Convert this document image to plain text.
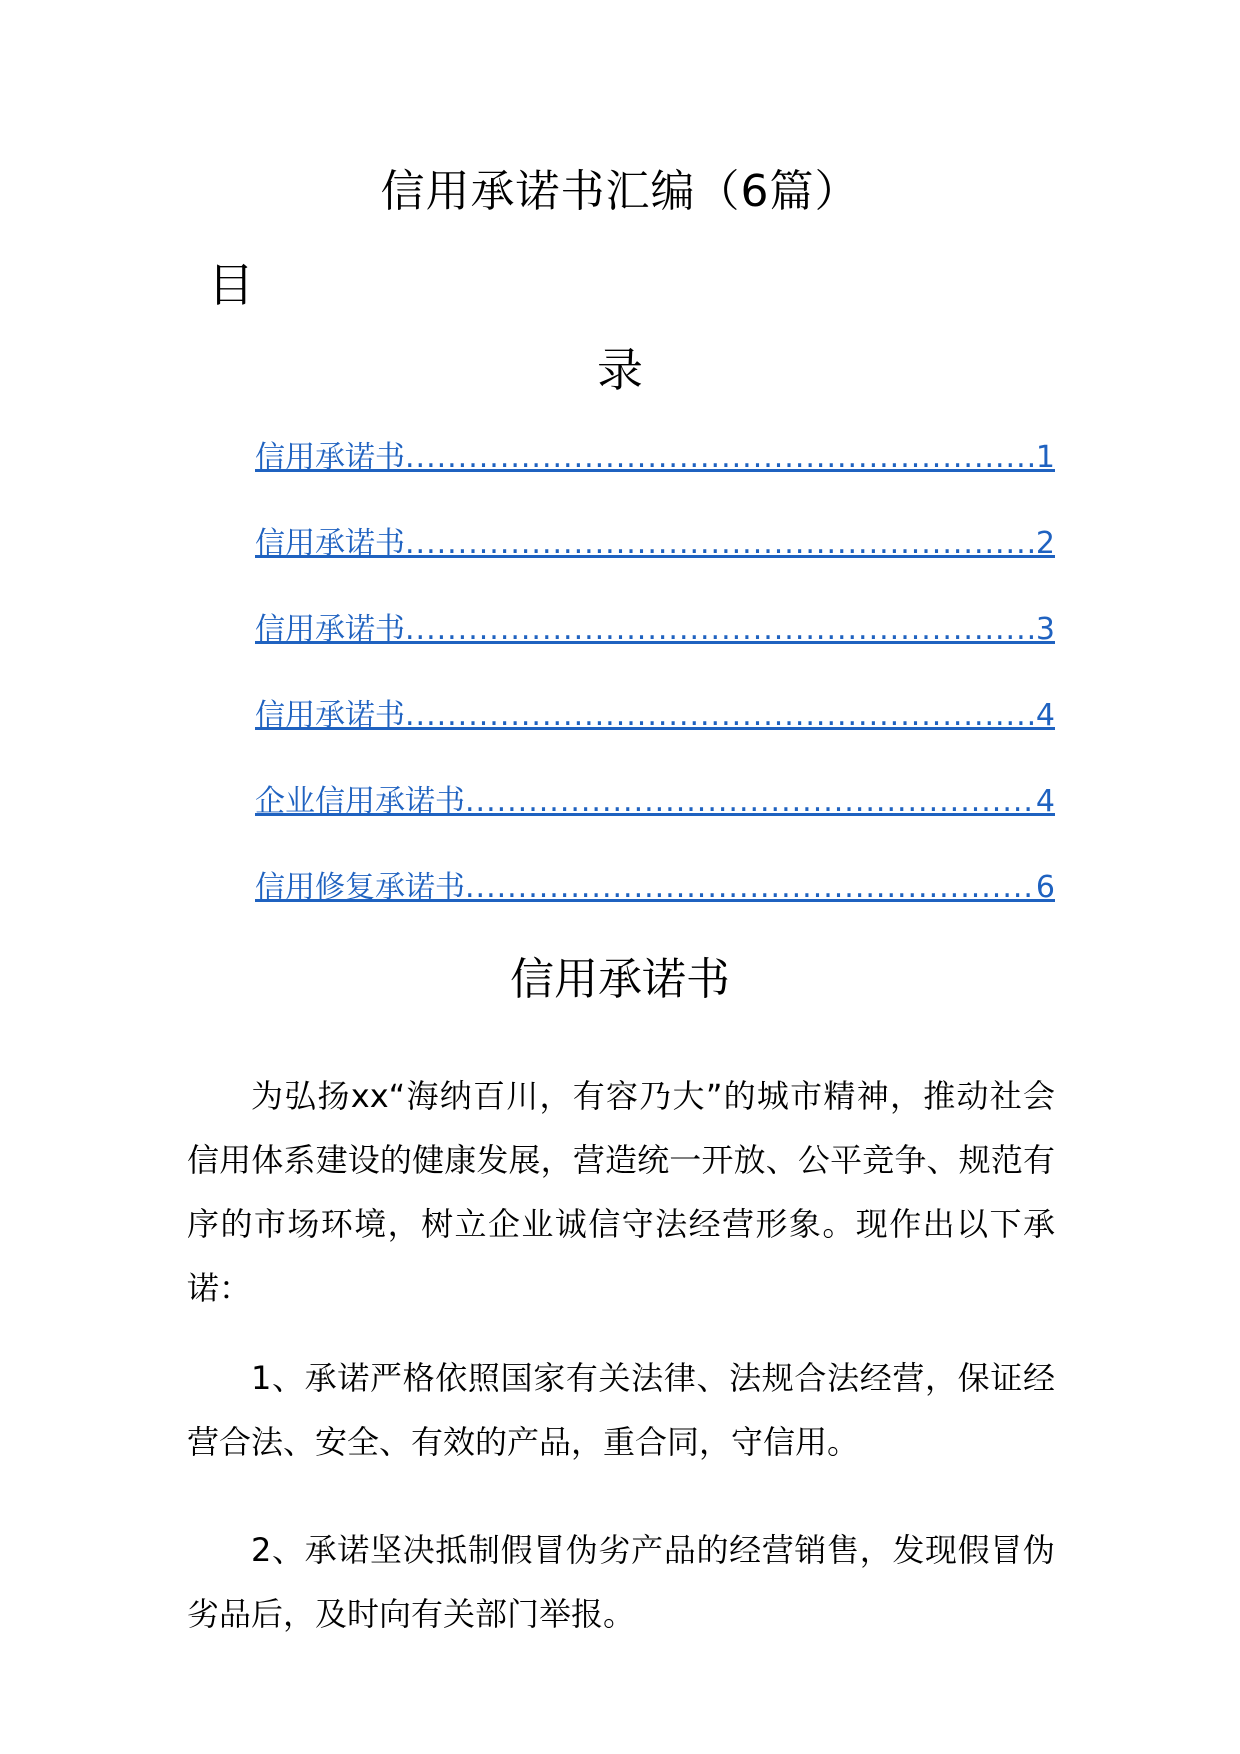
信用承诺书汇编（6篇）
目
录
信用承诺书 .....	1
信用承诺书 .....	2
信用承诺书 .....	3
信用承诺书 .....	4
企业信用承诺书 .....	4
信用修复承诺书 .....	6
信用承诺书

为弘扬xx“海纳百川，有容乃大”的城市精神，推动社会信用体系建设的健康发展，营造统一开放、公平竞争、规范有序的市场环境，树立企业诚信守法经营形象。现作出以下承诺：

1、承诺严格依照国家有关法律、法规合法经营，保证经营合法、安全、有效的产品，重合同，守信用。

2、承诺坚决抵制假冒伪劣产品的经营销售，发现假冒伪劣品后，及时向有关部门举报。
